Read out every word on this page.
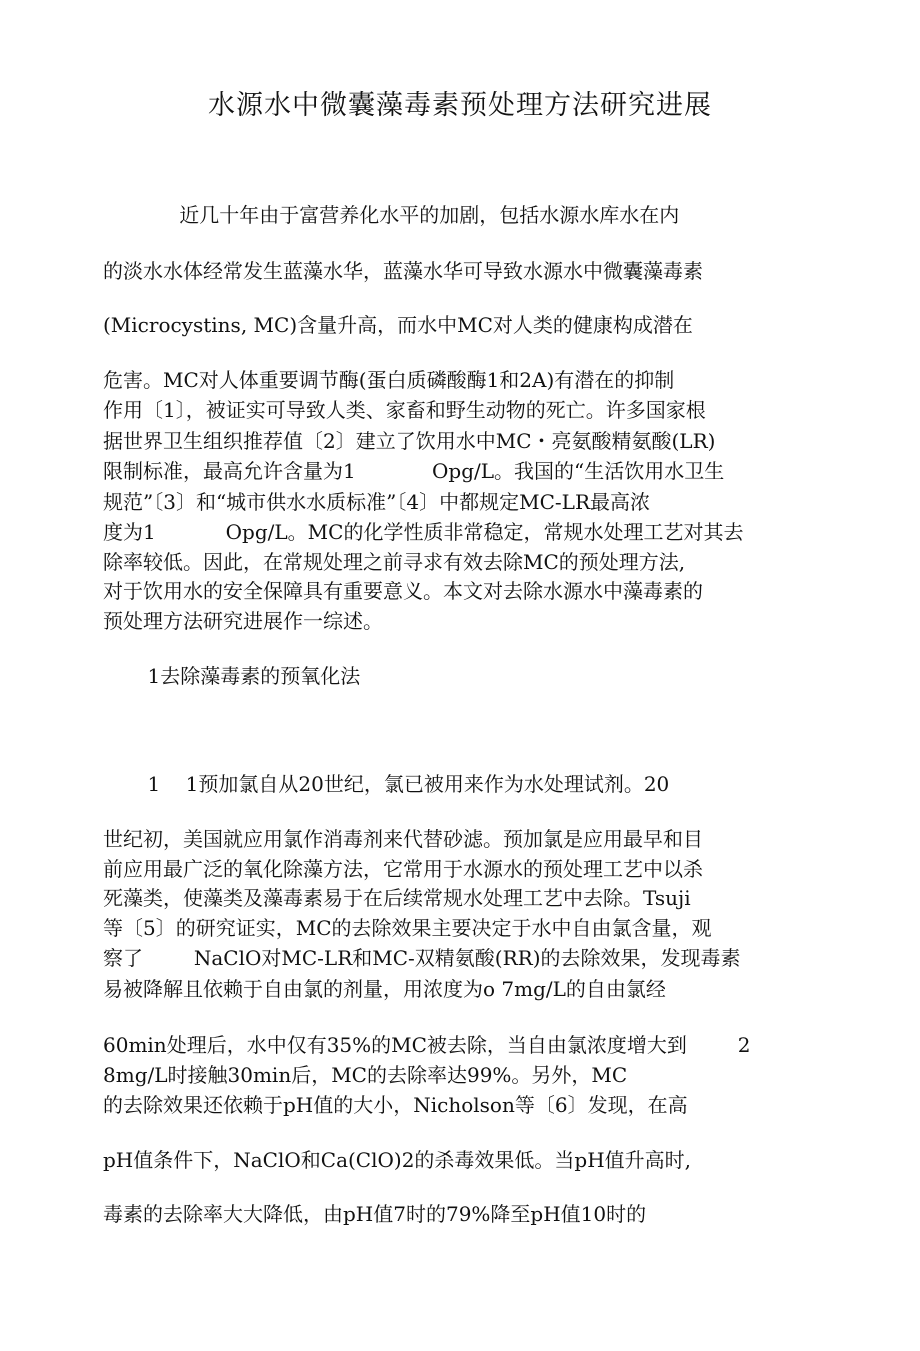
水源水中微囊藻毒素预处理方法研究进展
近几十年由于富营养化水平的加剧，包括水源水库水在内
的淡水水体经常发生蓝藻水华，蓝藻水华可导致水源水中微囊藻毒素
(Microcystins, MC)含量升高，而水中MC对人类的健康构成潜在
危害。MC对人体重要调节酶(蛋白质磷酸酶1和2A)有潜在的抑制
作用〔1〕，被证实可导致人类、家畜和野生动物的死亡。许多国家根
据世界卫生组织推荐值〔2〕建立了饮用水中MC・亮氨酸精氨酸(LR)
限制标准，最高允许含量为1            Opg/L。我国的“生活饮用水卫生
规范”〔3〕和“城市供水水质标准”〔4〕中都规定MC-LR最高浓
度为1           Opg/L。MC的化学性质非常稳定，常规水处理工艺对其去
除率较低。因此，在常规处理之前寻求有效去除MC的预处理方法,
对于饮用水的安全保障具有重要意义。本文对去除水源水中藻毒素的
预处理方法研究进展作一综述。
1去除藻毒素的预氧化法
1    1预加氯自从20世纪，氯已被用来作为水处理试剂。20
世纪初，美国就应用氯作消毒剂来代替砂滤。预加氯是应用最早和目
前应用最广泛的氧化除藻方法，它常用于水源水的预处理工艺中以杀
死藻类，使藻类及藻毒素易于在后续常规水处理工艺中去除。Tsuji
等〔5〕的研究证实，MC的去除效果主要决定于水中自由氯含量，观
察了        NaClO对MC-LR和MC-双精氨酸(RR)的去除效果，发现毒素
易被降解且依赖于自由氯的剂量，用浓度为o 7mg/L的自由氯经
60min处理后，水中仅有35%的MC被去除，当自由氯浓度增大到        2
8mg/L时接触30min后，MC的去除率达99%。另外，MC
的去除效果还依赖于pH值的大小，Nicholson等〔6〕发现，在高
pH值条件下，NaClO和Ca(ClO)2的杀毒效果低。当pH值升高时,
毒素的去除率大大降低，由pH值7时的79%降至pH值10时的
